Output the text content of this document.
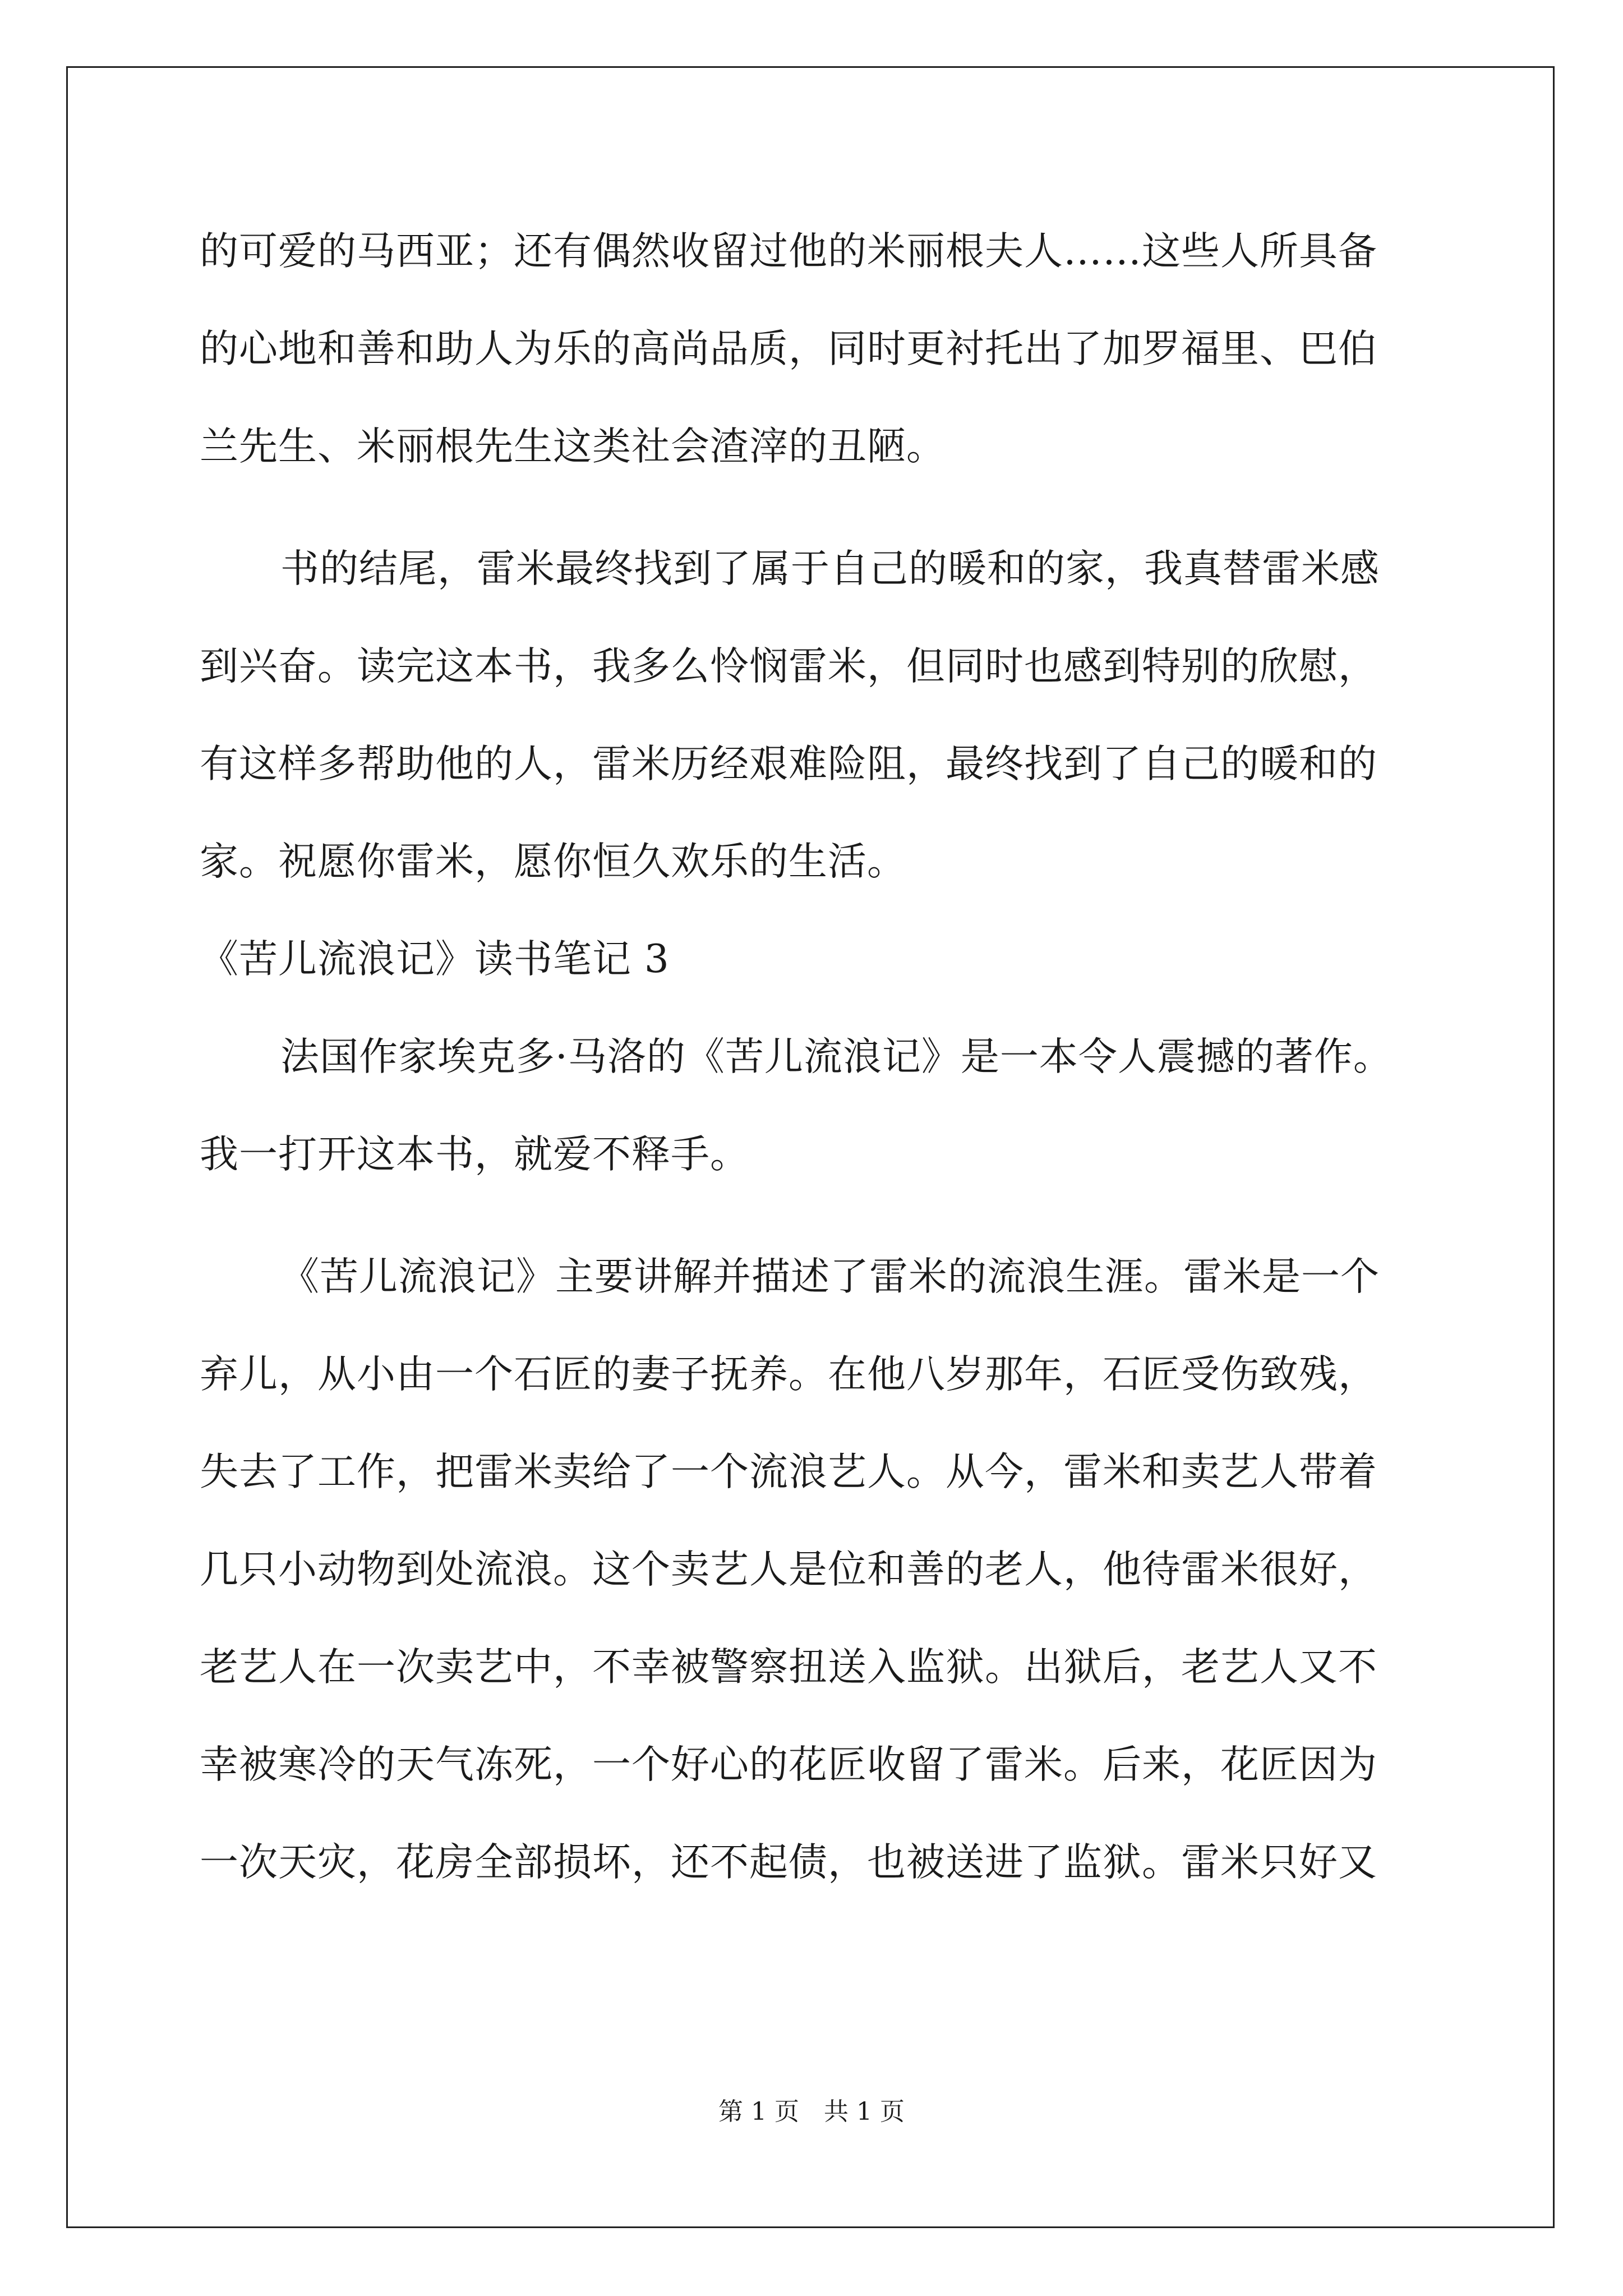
的可爱的马西亚；还有偶然收留过他的米丽根夫人……这些人所具备
的心地和善和助人为乐的高尚品质，同时更衬托出了加罗福里、巴伯
兰先生、米丽根先生这类社会渣滓的丑陋。
书的结尾，雷米最终找到了属于自己的暖和的家，我真替雷米感
到兴奋。读完这本书，我多么怜悯雷米，但同时也感到特别的欣慰，
有这样多帮助他的人，雷米历经艰难险阻，最终找到了自己的暖和的
家。祝愿你雷米，愿你恒久欢乐的生活。
《苦儿流浪记》读书笔记 3
法国作家埃克多·马洛的《苦儿流浪记》是一本令人震撼的著作。
我一打开这本书，就爱不释手。
《苦儿流浪记》主要讲解并描述了雷米的流浪生涯。雷米是一个
弃儿，从小由一个石匠的妻子抚养。在他八岁那年，石匠受伤致残，
失去了工作，把雷米卖给了一个流浪艺人。从今，雷米和卖艺人带着
几只小动物到处流浪。这个卖艺人是位和善的老人，他待雷米很好，
老艺人在一次卖艺中，不幸被警察扭送入监狱。出狱后，老艺人又不
幸被寒冷的天气冻死，一个好心的花匠收留了雷米。后来，花匠因为
一次天灾，花房全部损坏，还不起债，也被送进了监狱。雷米只好又
第 1 页　共 1 页
